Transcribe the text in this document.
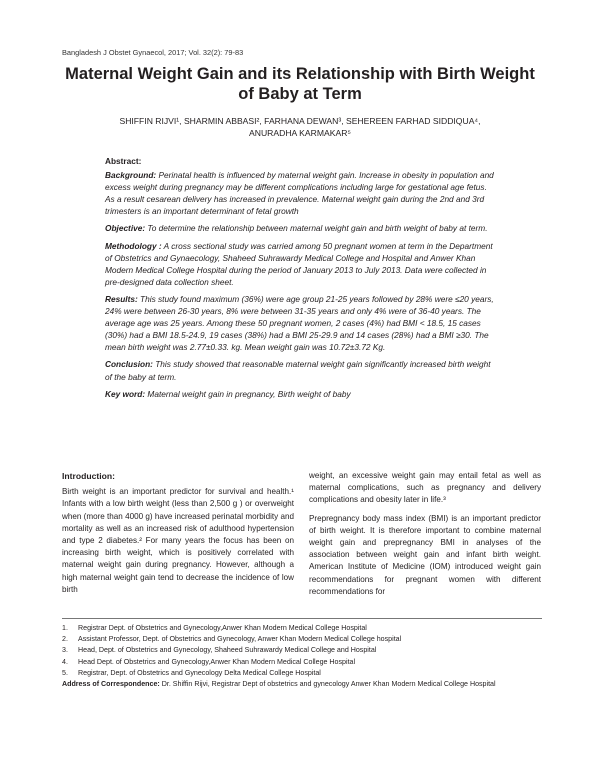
Bangladesh J Obstet Gynaecol, 2017; Vol. 32(2): 79-83
Maternal Weight Gain and its Relationship with Birth Weight of Baby at Term
SHIFFIN RIJVI¹, SHARMIN ABBASI², FARHANA DEWAN³, SEHEREEN FARHAD SIDDIQUA⁴,
ANURADHA KARMAKAR⁵
Abstract:

Background: Perinatal health is influenced by maternal weight gain. Increase in obesity in population and excess weight during pregnancy may be different complications including large for gestational age fetus. As a result cesarean delivery has increased in prevalence. Maternal weight gain during the 2nd and 3rd trimesters is an important determinant of fetal growth

Objective: To determine the relationship between maternal weight gain and birth weight of baby at term.

Methodology : A cross sectional study was carried among 50 pregnant women at term in the Department of Obstetrics and Gynaecology, Shaheed Suhrawardy Medical College and Hospital and Anwer Khan Modern Medical College Hospital during the period of January 2013 to July 2013. Data were collected in pre-designed data collection sheet.

Results: This study found maximum (36%) were age group 21-25 years followed by 28% were ≤20 years, 24% were between 26-30 years, 8% were between 31-35 years and only 4% were of 36-40 years. The average age was 25 years. Among these 50 pregnant women, 2 cases (4%) had BMI < 18.5, 15 cases (30%) had a BMI 18.5-24.9, 19 cases (38%) had a BMI 25-29.9 and 14 cases (28%) had a BMI ≥30. The mean birth weight was 2.77±0.33. kg. Mean weight gain was 10.72±3.72 Kg.

Conclusion: This study showed that reasonable maternal weight gain significantly increased birth weight of the baby at term.

Key word: Maternal weight gain in pregnancy, Birth weight of baby

Introduction:

Birth weight is an important predictor for survival and health.¹ Infants with a low birth weight (less than 2,500 g ) or overweight when (more than 4000 g) have increased perinatal morbidity and mortality as well as an increased risk of adulthood hypertension and type 2 diabetes.² For many years the focus has been on increasing birth weight, which is positively correlated with maternal weight gain during pregnancy. However, although a high maternal weight gain tend to decrease the incidence of low birth

weight, an excessive weight gain may entail fetal as well as maternal complications, such as pregnancy and delivery complications and obesity later in life.³

Prepregnancy body mass index (BMI) is an important predictor of birth weight. It is therefore important to combine maternal weight gain and prepregnancy BMI in analyses of the association between weight gain and infant birth weight. American Institute of Medicine (IOM) introduced weight gain recommendations for pregnant women with different recommendations for

1.	Registrar Dept. of Obstetrics and Gynecology,Anwer Khan Modern Medical College Hospital
2.	Assistant Professor, Dept. of Obstetrics and Gynecology, Anwer Khan Modern Medical College hospital
3.	Head, Dept. of Obstetrics and Gynecology, Shaheed Suhrawardy Medical College and Hospital
4.	Head Dept. of Obstetrics and Gynecology,Anwer Khan Modern Medical College Hospital
5.	Registrar, Dept. of Obstetrics and Gynecology Delta Medical College Hospital
Address of Correspondence: Dr. Shiffin Rijvi, Registrar Dept of obstetrics and gynecology Anwer Khan Modern Medical College Hospital
